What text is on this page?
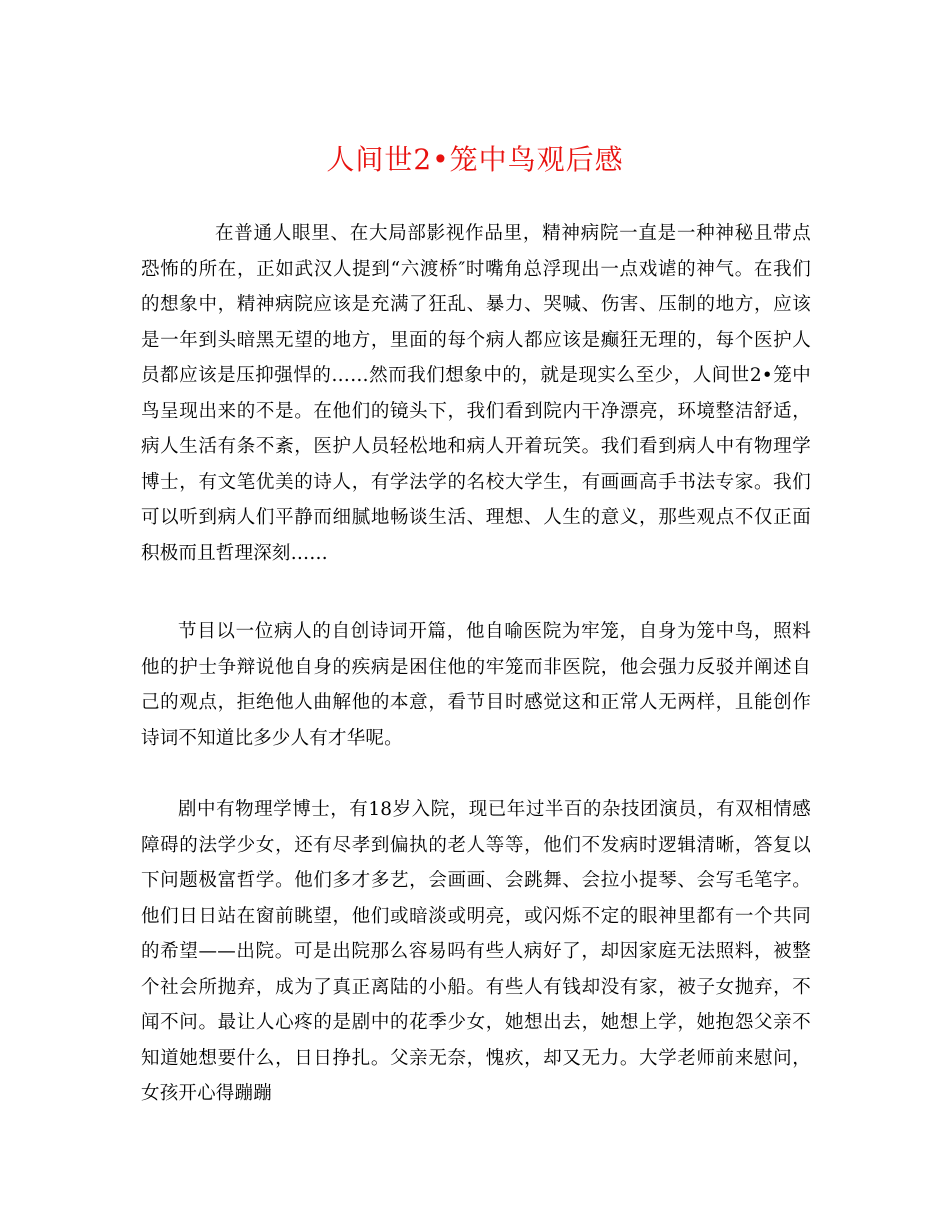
人间世2•笼中鸟观后感

在普通人眼里、在大局部影视作品里，精神病院一直是一种神秘且带点恐怖的所在，正如武汉人提到“六渡桥″时嘴角总浮现出一点戏谑的神气。在我们的想象中，精神病院应该是充满了狂乱、暴力、哭喊、伤害、压制的地方，应该是一年到头暗黑无望的地方，里面的每个病人都应该是癫狂无理的，每个医护人员都应该是压抑强悍的……然而我们想象中的，就是现实么至少，人间世2•笼中鸟呈现出来的不是。在他们的镜头下，我们看到院内干净漂亮，环境整洁舒适，病人生活有条不紊，医护人员轻松地和病人开着玩笑。我们看到病人中有物理学博士，有文笔优美的诗人，有学法学的名校大学生，有画画高手书法专家。我们可以听到病人们平静而细腻地畅谈生活、理想、人生的意义，那些观点不仅正面积极而且哲理深刻……

节目以一位病人的自创诗词开篇，他自喻医院为牢笼，自身为笼中鸟，照料他的护士争辩说他自身的疾病是困住他的牢笼而非医院，他会强力反驳并阐述自己的观点，拒绝他人曲解他的本意，看节目时感觉这和正常人无两样，且能创作诗词不知道比多少人有才华呢。

剧中有物理学博士，有18岁入院，现已年过半百的杂技团演员，有双相情感障碍的法学少女，还有尽孝到偏执的老人等等，他们不发病时逻辑清晰，答复以下问题极富哲学。他们多才多艺，会画画、会跳舞、会拉小提琴、会写毛笔字。他们日日站在窗前眺望，他们或暗淡或明亮，或闪烁不定的眼神里都有一个共同的希望——出院。可是出院那么容易吗有些人病好了，却因家庭无法照料，被整个社会所抛弃，成为了真正离陆的小船。有些人有钱却没有家，被子女抛弃，不闻不问。最让人心疼的是剧中的花季少女，她想出去，她想上学，她抱怨父亲不知道她想要什么，日日挣扎。父亲无奈，愧疚，却又无力。大学老师前来慰问，女孩开心得蹦蹦
